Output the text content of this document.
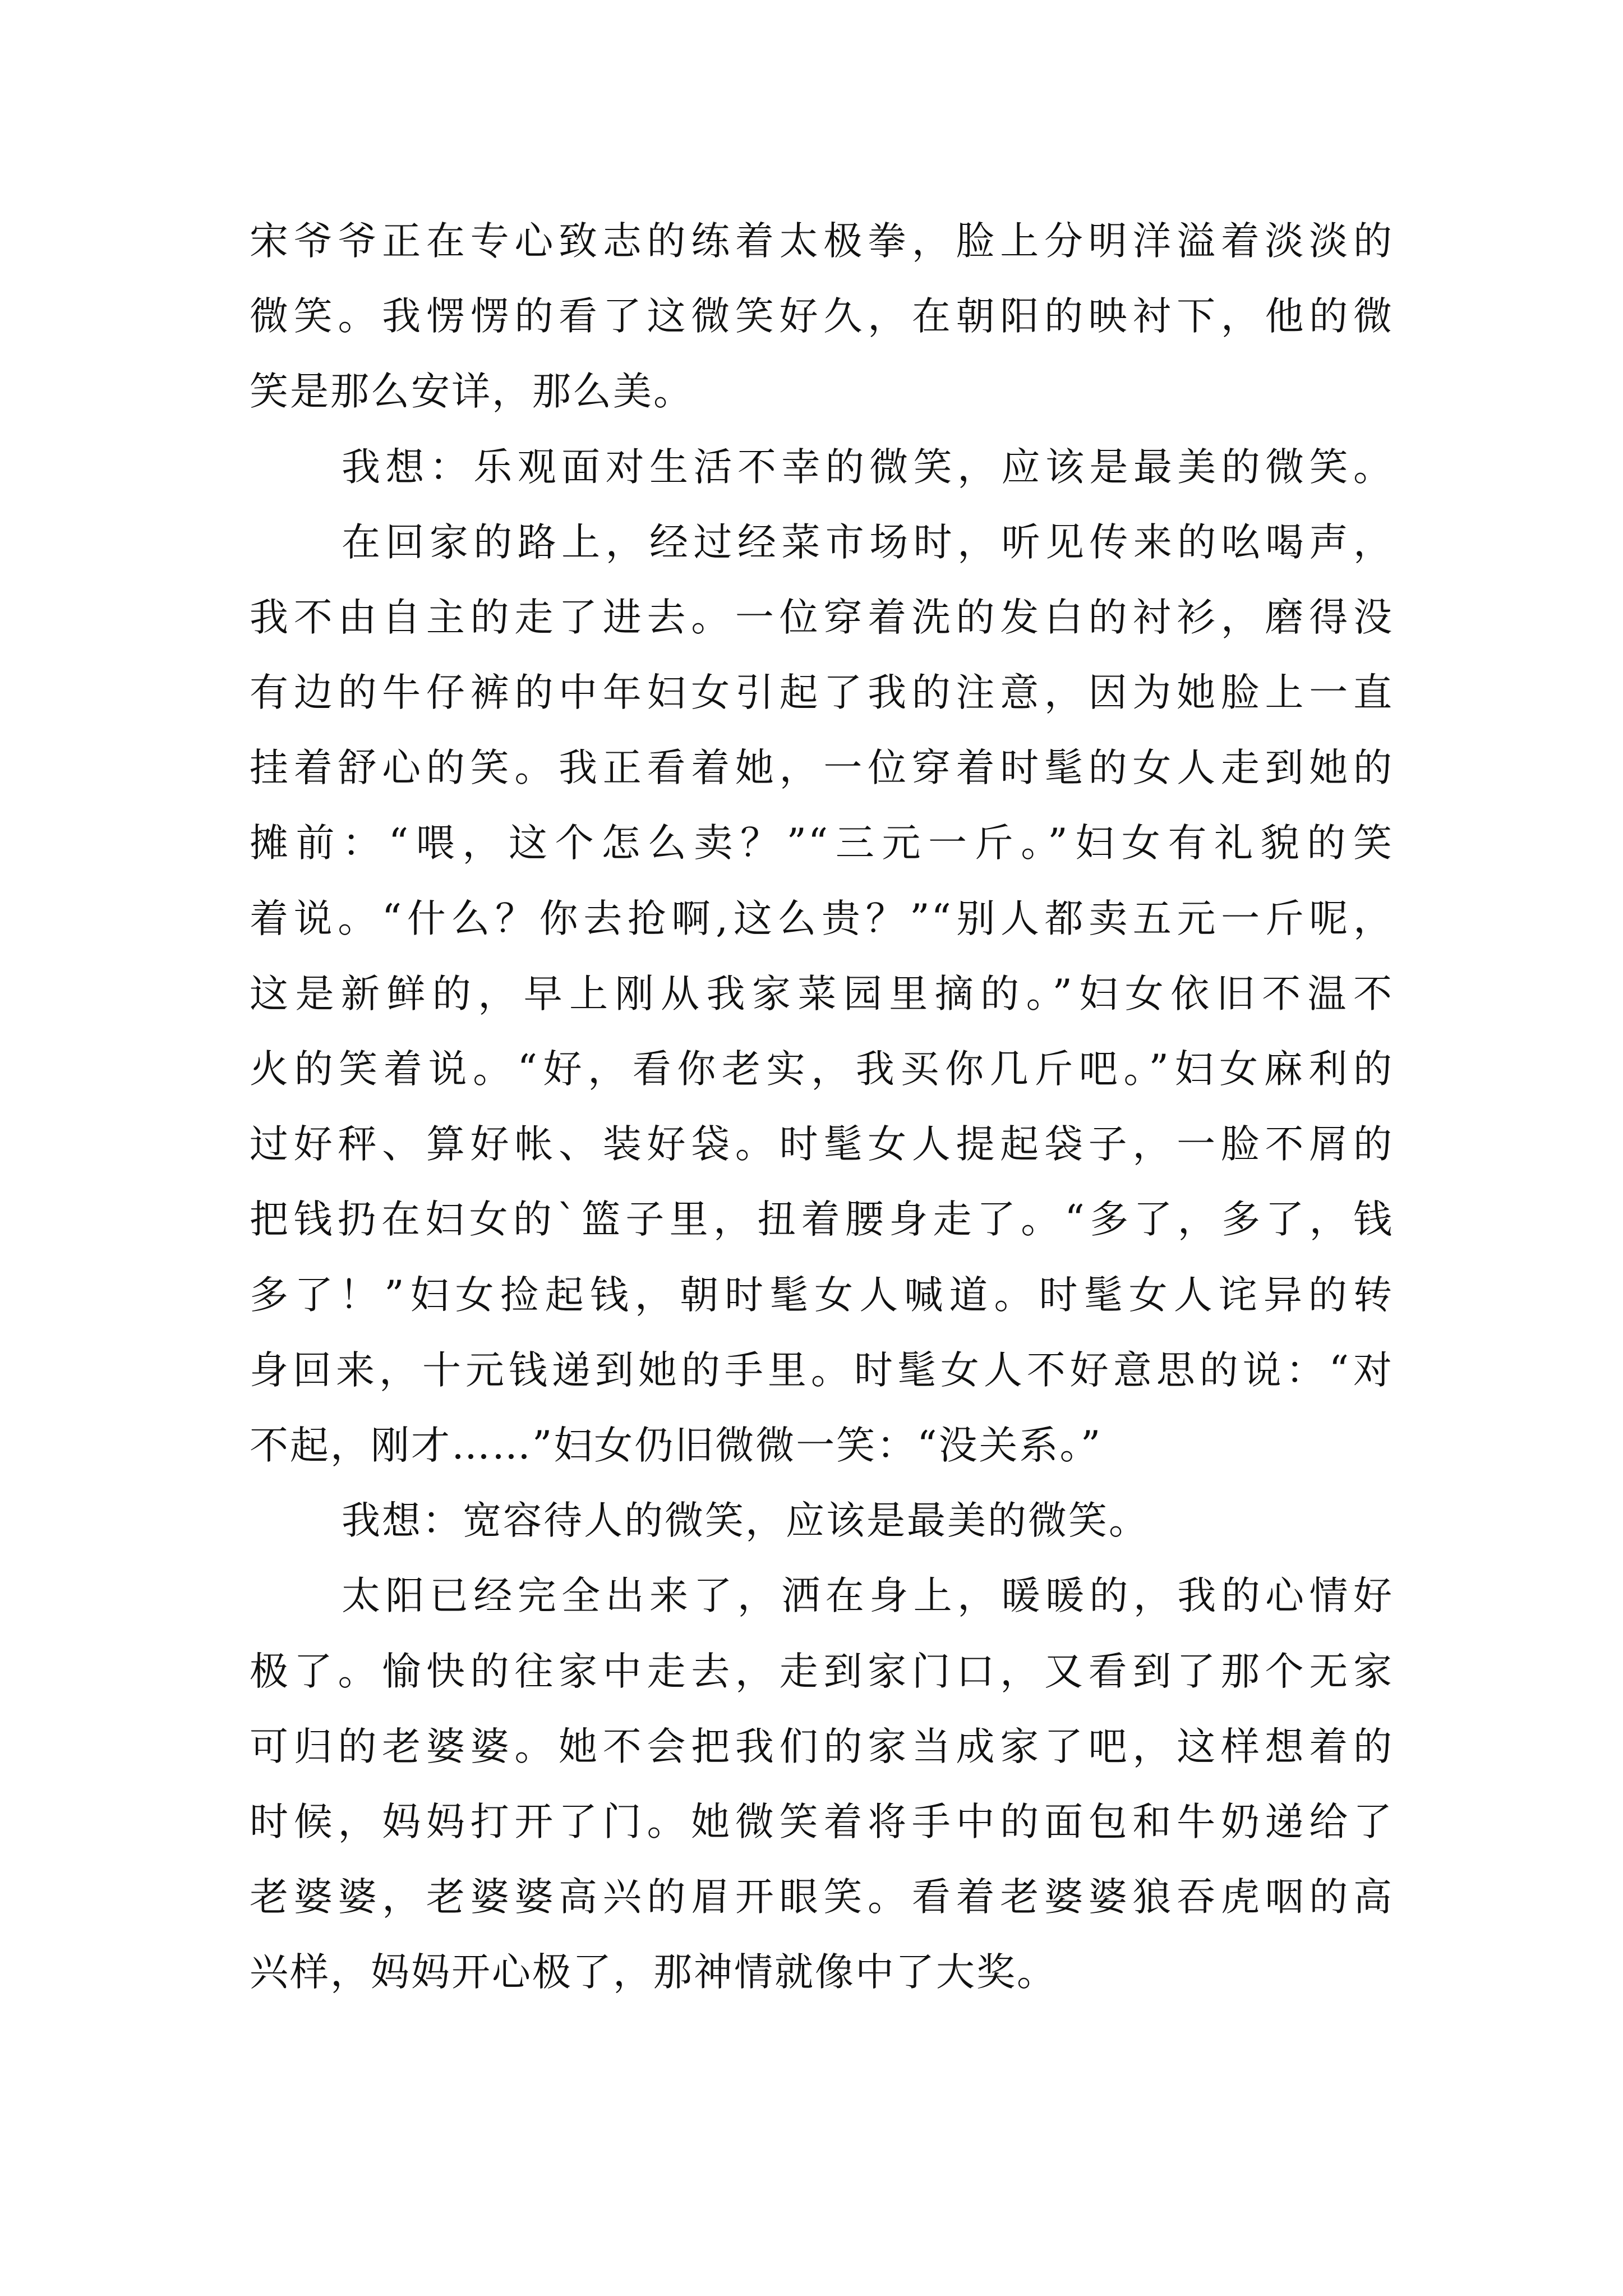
宋爷爷正在专心致志的练着太极拳，脸上分明洋溢着淡淡的
微笑。我愣愣的看了这微笑好久，在朝阳的映衬下，他的微
笑是那么安详，那么美。
我想：乐观面对生活不幸的微笑，应该是最美的微笑。
在回家的路上，经过经菜市场时，听见传来的吆喝声，
我不由自主的走了进去。一位穿着洗的发白的衬衫，磨得没
有边的牛仔裤的中年妇女引起了我的注意，因为她脸上一直
挂着舒心的笑。我正看着她，一位穿着时髦的女人走到她的
摊前：“喂，这个怎么卖？”“三元一斤。”妇女有礼貌的笑
着说。“什么？你去抢啊,这么贵？”“别人都卖五元一斤呢，
这是新鲜的，早上刚从我家菜园里摘的。”妇女依旧不温不
火的笑着说。“好，看你老实，我买你几斤吧。”妇女麻利的
过好秤、算好帐、装好袋。时髦女人提起袋子，一脸不屑的
把钱扔在妇女的`篮子里，扭着腰身走了。“多了，多了，钱
多了！”妇女捡起钱，朝时髦女人喊道。时髦女人诧异的转
身回来，十元钱递到她的手里。时髦女人不好意思的说：“对
不起，刚才……”妇女仍旧微微一笑：“没关系。”
我想：宽容待人的微笑，应该是最美的微笑。
太阳已经完全出来了，洒在身上，暖暖的，我的心情好
极了。愉快的往家中走去，走到家门口，又看到了那个无家
可归的老婆婆。她不会把我们的家当成家了吧，这样想着的
时候，妈妈打开了门。她微笑着将手中的面包和牛奶递给了
老婆婆，老婆婆高兴的眉开眼笑。看着老婆婆狼吞虎咽的高
兴样，妈妈开心极了，那神情就像中了大奖。
